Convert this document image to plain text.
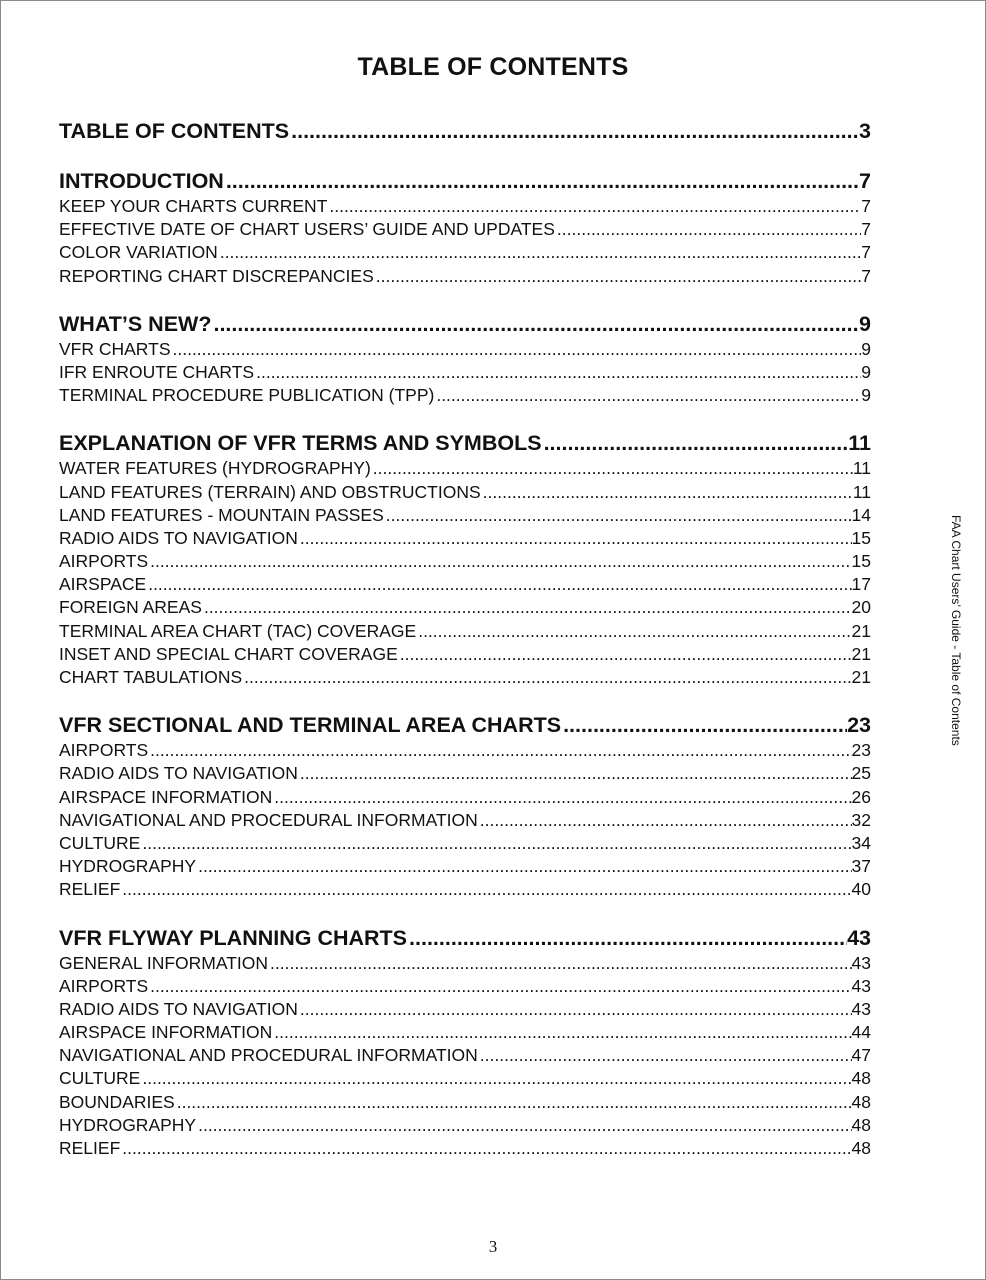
TABLE OF CONTENTS
TABLE OF CONTENTS .....	3
INTRODUCTION .....	7
KEEP YOUR CHARTS CURRENT .....	7
EFFECTIVE DATE OF CHART USERS’ GUIDE AND UPDATES .....	7
COLOR VARIATION .....	7
REPORTING CHART DISCREPANCIES .....	7
WHAT’S NEW? .....	9
VFR CHARTS .....	9
IFR ENROUTE CHARTS .....	9
TERMINAL PROCEDURE PUBLICATION (TPP) .....	9
EXPLANATION OF VFR TERMS AND SYMBOLS .....	11
WATER FEATURES (HYDROGRAPHY) .....	11
LAND FEATURES (TERRAIN) AND OBSTRUCTIONS .....	11
LAND FEATURES - MOUNTAIN PASSES .....	14
RADIO AIDS TO NAVIGATION .....	15
AIRPORTS .....	15
AIRSPACE .....	17
FOREIGN AREAS .....	20
TERMINAL AREA CHART (TAC) COVERAGE .....	21
INSET AND SPECIAL CHART COVERAGE .....	21
CHART TABULATIONS .....	21
VFR SECTIONAL AND TERMINAL AREA CHARTS .....	23
AIRPORTS .....	23
RADIO AIDS TO NAVIGATION .....	25
AIRSPACE INFORMATION .....	26
NAVIGATIONAL AND PROCEDURAL INFORMATION .....	32
CULTURE .....	34
HYDROGRAPHY .....	37
RELIEF .....	40
VFR FLYWAY PLANNING CHARTS .....	43
GENERAL INFORMATION .....	43
AIRPORTS .....	43
RADIO AIDS TO NAVIGATION .....	43
AIRSPACE INFORMATION .....	44
NAVIGATIONAL AND PROCEDURAL INFORMATION .....	47
CULTURE .....	48
BOUNDARIES .....	48
HYDROGRAPHY .....	48
RELIEF .....	48
FAA Chart Users’ Guide - Table of Contents
3
